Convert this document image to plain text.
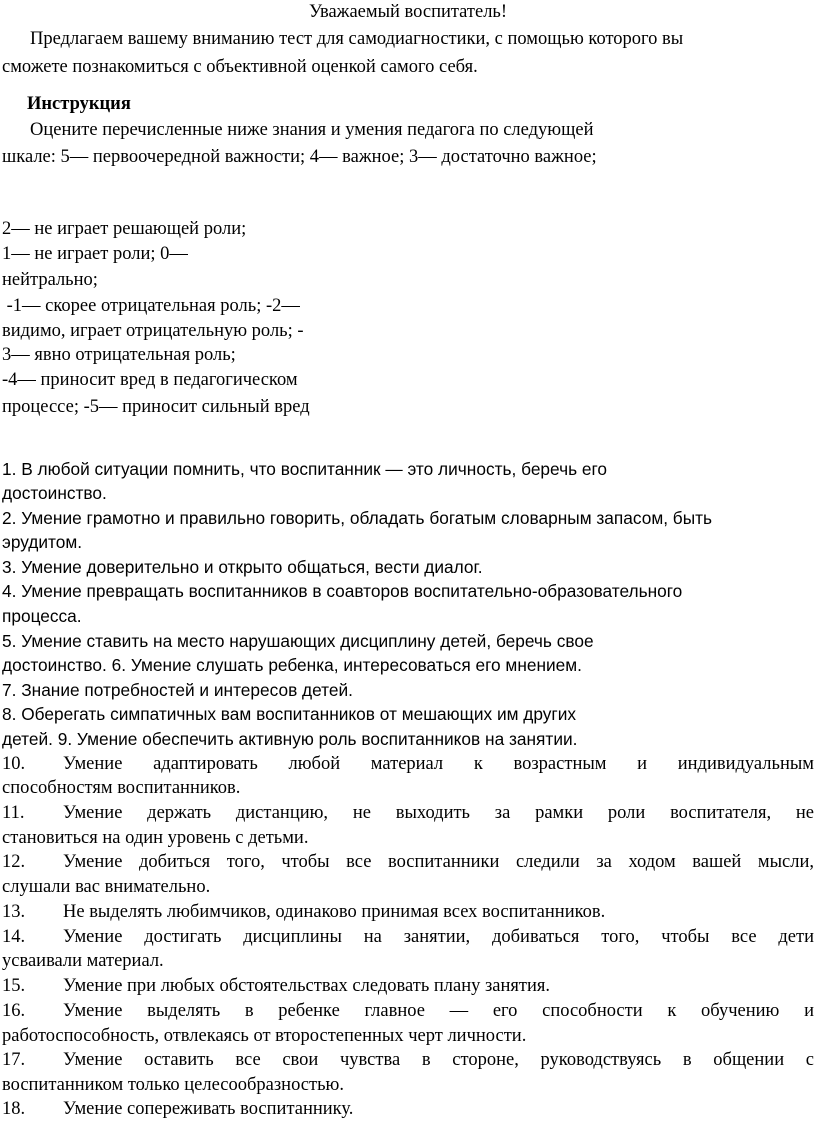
Уважаемый воспитатель!
Предлагаем вашему вниманию тест для самодиагностики, с помощью которого вы
сможете познакомиться с объективной оценкой самого себя.
Инструкция
Оцените перечисленные ниже знания и умения педагога по следующей
шкале: 5— первоочередной важности; 4— важное; 3— достаточно важное;
2— не играет решающей роли;
1— не играет роли; 0—
нейтрально;
-1— скорее отрицательная роль; -2—
видимо, играет отрицательную роль; -
3— явно отрицательная роль;
-4— приносит вред в педагогическом
процессе; -5— приносит сильный вред
1. В любой ситуации помнить, что воспитанник — это личность, беречь его
достоинство.
2. Умение грамотно и правильно говорить, обладать богатым словарным запасом, быть
эрудитом.
3. Умение доверительно и открыто общаться, вести диалог.
4. Умение превращать воспитанников в соавторов воспитательно-образовательного
процесса.
5. Умение ставить на место нарушающих дисциплину детей, беречь свое
достоинство. 6. Умение слушать ребенка, интересоваться его мнением.
7. Знание потребностей и интересов детей.
8. Оберегать симпатичных вам воспитанников от мешающих им других
детей. 9. Умение обеспечить активную роль воспитанников на занятии.
10. Умение адаптировать любой материал к возрастным и индивидуальным
способностям воспитанников.
11. Умение держать дистанцию, не выходить за рамки роли воспитателя, не
становиться на один уровень с детьми.
12. Умение добиться того, чтобы все воспитанники следили за ходом вашей мысли,
слушали вас внимательно.
13. Не выделять любимчиков, одинаково принимая всех воспитанников.
14. Умение достигать дисциплины на занятии, добиваться того, чтобы все дети
усваивали материал.
15. Умение при любых обстоятельствах следовать плану занятия.
16. Умение выделять в ребенке главное — его способности к обучению и
работоспособность, отвлекаясь от второстепенных черт личности.
17. Умение оставить все свои чувства в стороне, руководствуясь в общении с
воспитанником только целесообразностью.
18. Умение сопереживать воспитаннику.
